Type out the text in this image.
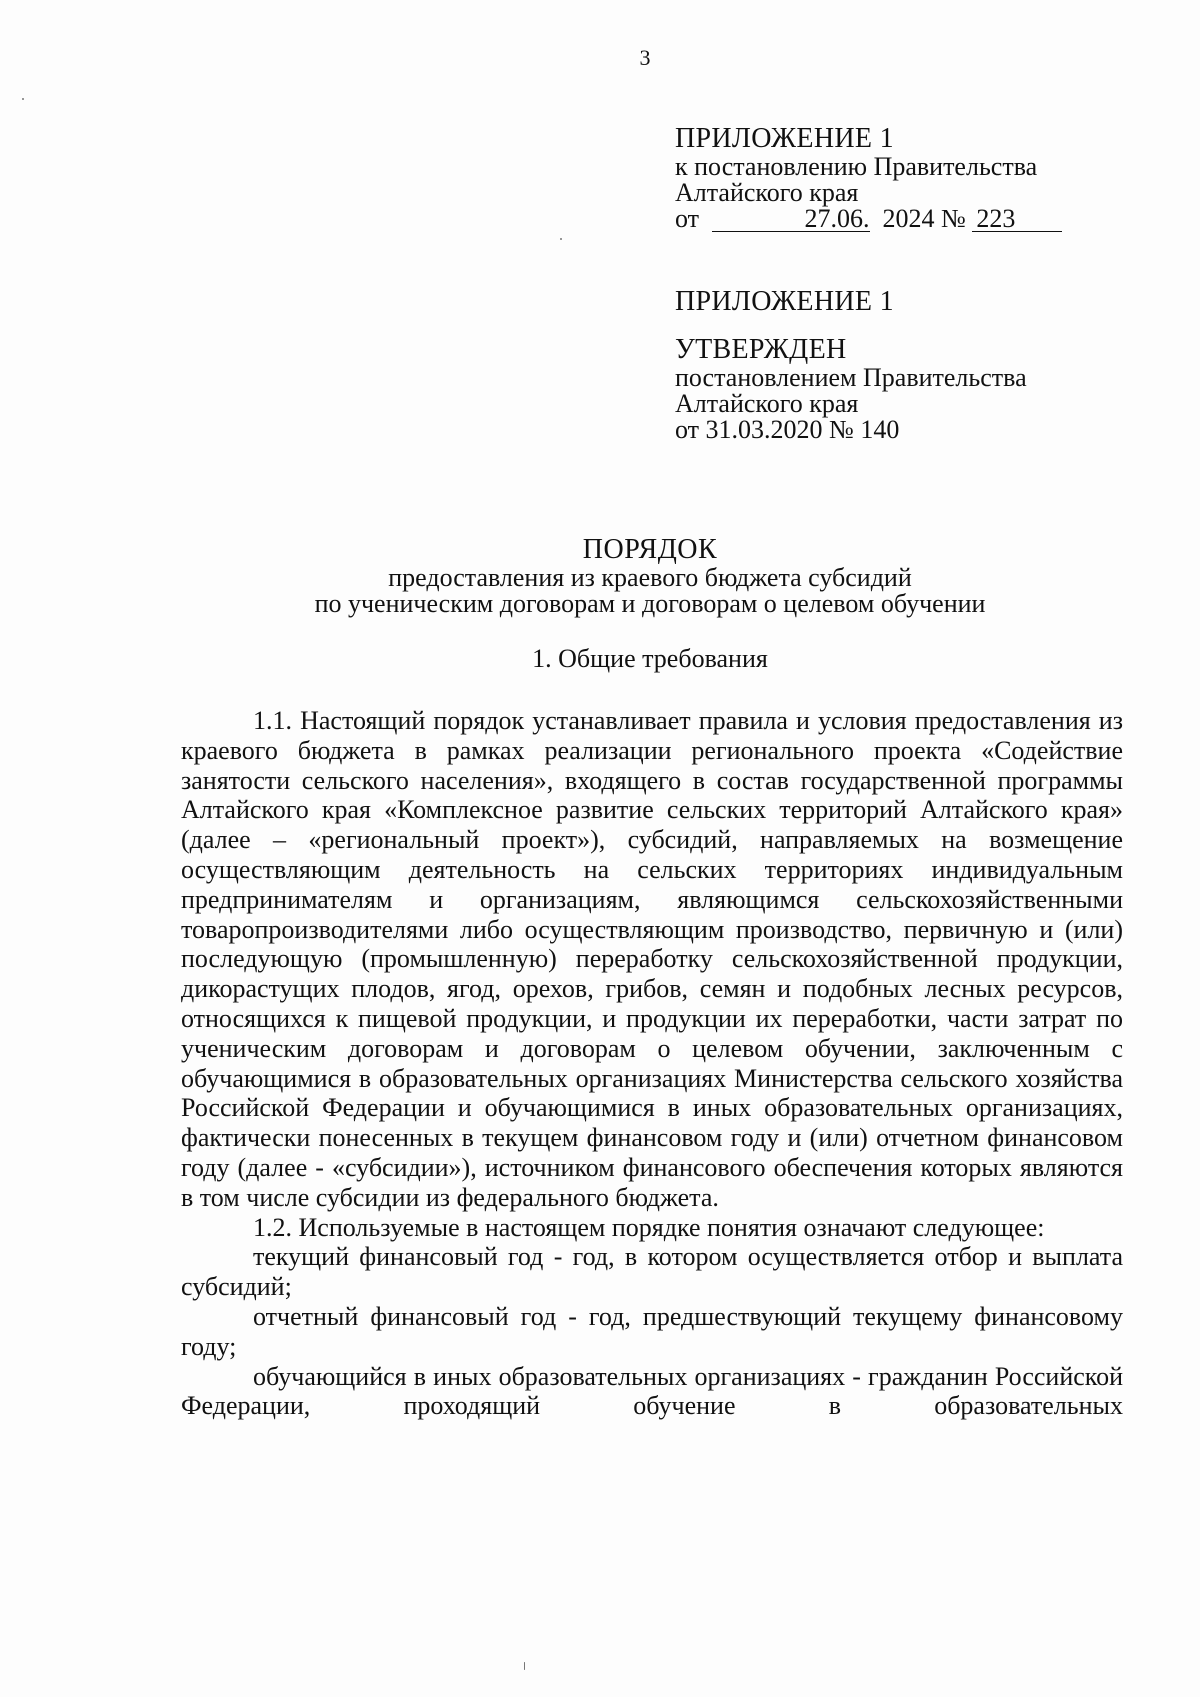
3
ПРИЛОЖЕНИЕ 1
к постановлению Правительства
Алтайского края
от	27.06. 2024 № 223
ПРИЛОЖЕНИЕ 1
УТВЕРЖДЕН
постановлением Правительства
Алтайского края
от 31.03.2020 № 140
ПОРЯДОК
предоставления из краевого бюджета субсидий
по ученическим договорам и договорам о целевом обучении
1. Общие требования

1.1. Настоящий порядок устанавливает правила и условия предоставления из краевого бюджета в рамках реализации регионального проекта «Содействие занятости сельского населения», входящего в состав государственной программы Алтайского края «Комплексное развитие сельских территорий Алтайского края» (далее – «региональный проект»), субсидий, направляемых на возмещение осуществляющим деятельность на сельских территориях индивидуальным предпринимателям и организациям, являющимся сельскохозяйственными товаропроизводителями либо осуществляющим производство, первичную и (или) последующую (промышленную) переработку сельскохозяйственной продукции, дикорастущих плодов, ягод, орехов, грибов, семян и подобных лесных ресурсов, относящихся к пищевой продукции, и продукции их переработки, части затрат по ученическим договорам и договорам о целевом обучении, заключенным с обучающимися в образовательных организациях Министерства сельского хозяйства Российской Федерации и обучающимися в иных образовательных организациях, фактически понесенных в текущем финансовом году и (или) отчетном финансовом году (далее - «субсидии»), источником финансового обеспечения которых являются в том числе субсидии из федерального бюджета.

1.2. Используемые в настоящем порядке понятия означают следующее:

текущий финансовый год - год, в котором осуществляется отбор и выплата субсидий;

отчетный финансовый год - год, предшествующий текущему финансовому году;

обучающийся в иных образовательных организациях - гражданин Российской Федерации, проходящий обучение в образовательных
